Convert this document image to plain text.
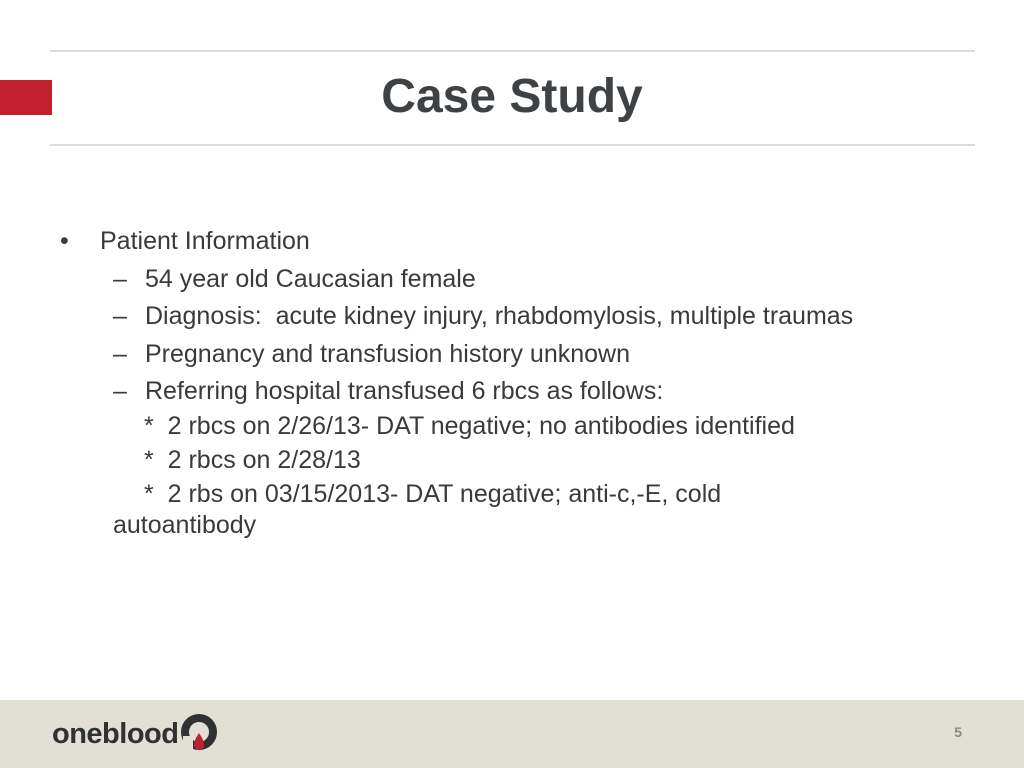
Case Study
• Patient Information
– 54 year old Caucasian female
– Diagnosis:  acute kidney injury, rhabdomylosis, multiple traumas
– Pregnancy and transfusion history unknown
– Referring hospital transfused 6 rbcs as follows:
*  2 rbcs on 2/26/13- DAT negative; no antibodies identified
*  2 rbcs on 2/28/13
*  2 rbs on 03/15/2013- DAT negative; anti-c,-E, cold
autoantibody
oneblood	5
